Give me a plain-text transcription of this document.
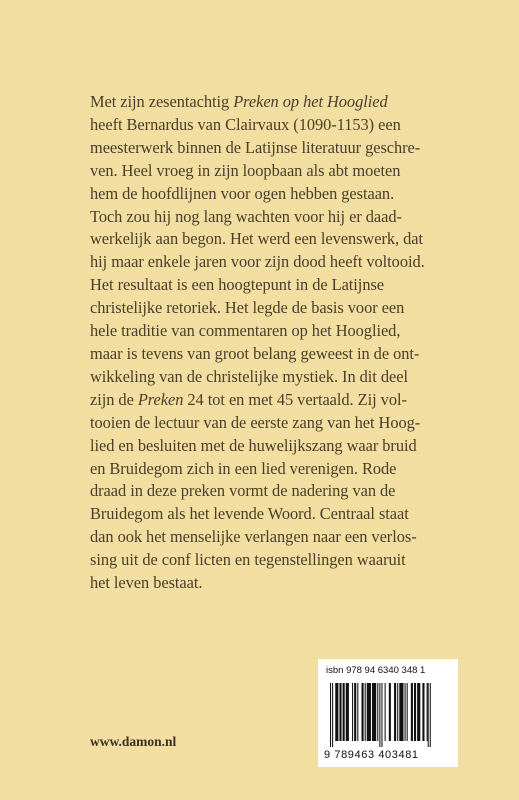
Met zijn zesentachtig Preken op het Hooglied
heeft Bernardus van Clairvaux (1090-1153) een
meesterwerk binnen de Latijnse literatuur geschre-
ven. Heel vroeg in zijn loopbaan als abt moeten
hem de hoofdlijnen voor ogen hebben gestaan.
Toch zou hij nog lang wachten voor hij er daad-
werkelijk aan begon. Het werd een levenswerk, dat
hij maar enkele jaren voor zijn dood heeft voltooid.
Het resultaat is een hoogtepunt in de Latijnse
christelijke retoriek. Het legde de basis voor een
hele traditie van commentaren op het Hooglied,
maar is tevens van groot belang geweest in de ont-
wikkeling van de christelijke mystiek. In dit deel
zijn de Preken 24 tot en met 45 vertaald. Zij vol-
tooien de lectuur van de eerste zang van het Hoog-
lied en besluiten met de huwelijkszang waar bruid
en Bruidegom zich in een lied verenigen. Rode
draad in deze preken vormt de nadering van de
Bruidegom als het levende Woord. Centraal staat
dan ook het menselijke verlangen naar een verlos-
sing uit de conf licten en tegenstellingen waaruit
het leven bestaat.
www.damon.nl
isbn 978 94 6340 348 1
9 789463 403481
